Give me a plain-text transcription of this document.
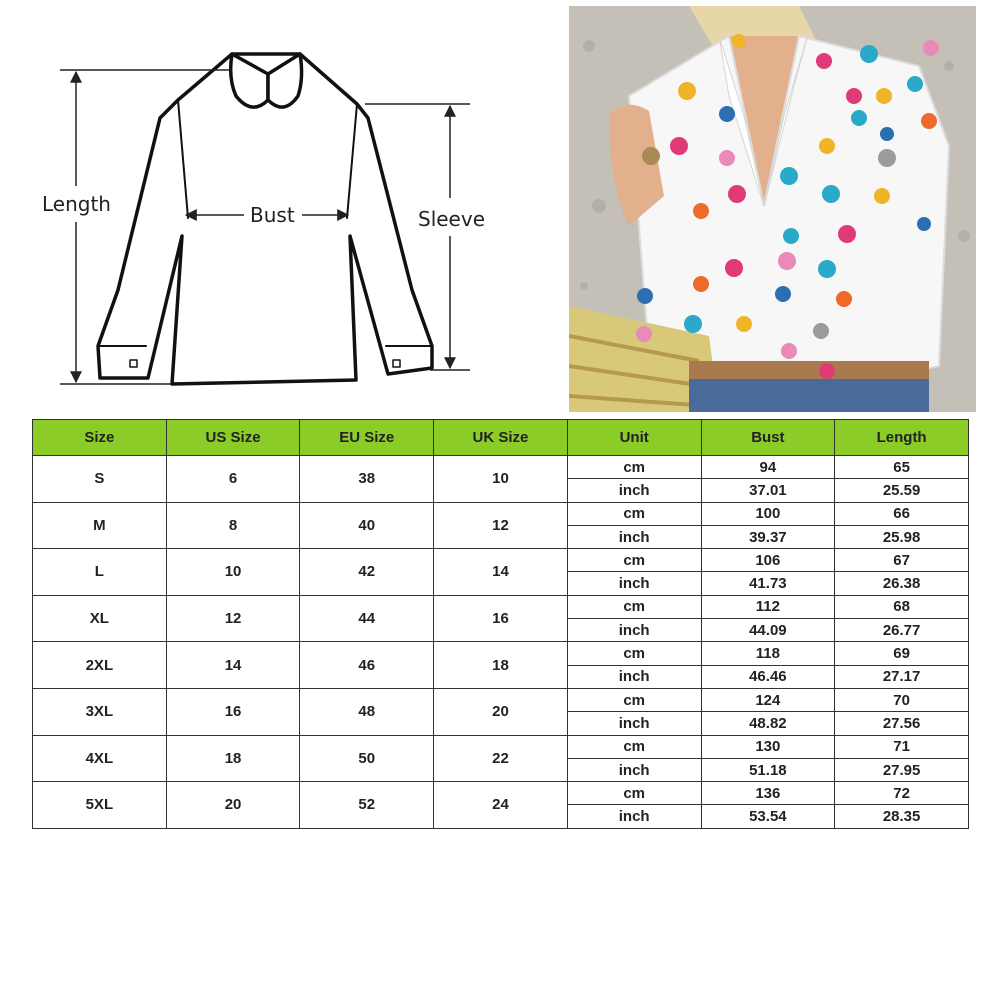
Length	Bust	Sleeve
Size	US Size	EU Size	UK Size	Unit	Bust	Length
S	6	38	10	cm	94	65
				inch	37.01	25.59
M	8	40	12	cm	100	66
				inch	39.37	25.98
L	10	42	14	cm	106	67
				inch	41.73	26.38
XL	12	44	16	cm	112	68
				inch	44.09	26.77
2XL	14	46	18	cm	118	69
				inch	46.46	27.17
3XL	16	48	20	cm	124	70
				inch	48.82	27.56
4XL	18	50	22	cm	130	71
				inch	51.18	27.95
5XL	20	52	24	cm	136	72
				inch	53.54	28.35
